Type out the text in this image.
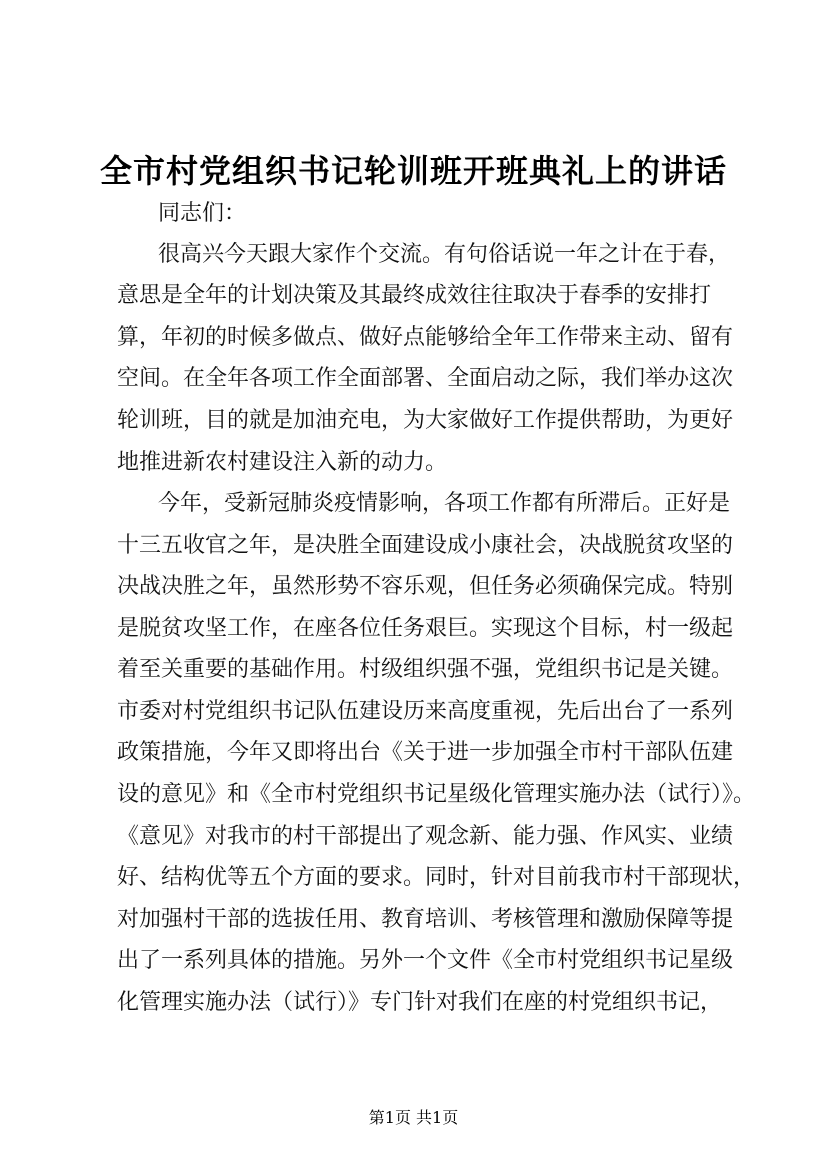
全市村党组织书记轮训班开班典礼上的讲话
同志们：
很高兴今天跟大家作个交流。有句俗话说一年之计在于春，
意思是全年的计划决策及其最终成效往往取决于春季的安排打
算，年初的时候多做点、做好点能够给全年工作带来主动、留有
空间。在全年各项工作全面部署、全面启动之际，我们举办这次
轮训班，目的就是加油充电，为大家做好工作提供帮助，为更好
地推进新农村建设注入新的动力。
今年，受新冠肺炎疫情影响，各项工作都有所滞后。正好是
十三五收官之年，是决胜全面建设成小康社会，决战脱贫攻坚的
决战决胜之年，虽然形势不容乐观，但任务必须确保完成。特别
是脱贫攻坚工作，在座各位任务艰巨。实现这个目标，村一级起
着至关重要的基础作用。村级组织强不强，党组织书记是关键。
市委对村党组织书记队伍建设历来高度重视，先后出台了一系列
政策措施，今年又即将出台《关于进一步加强全市村干部队伍建
设的意见》和《全市村党组织书记星级化管理实施办法（试行）》。
《意见》对我市的村干部提出了观念新、能力强、作风实、业绩
好、结构优等五个方面的要求。同时，针对目前我市村干部现状，
对加强村干部的选拔任用、教育培训、考核管理和激励保障等提
出了一系列具体的措施。另外一个文件《全市村党组织书记星级
化管理实施办法（试行）》专门针对我们在座的村党组织书记，
第1页 共1页
